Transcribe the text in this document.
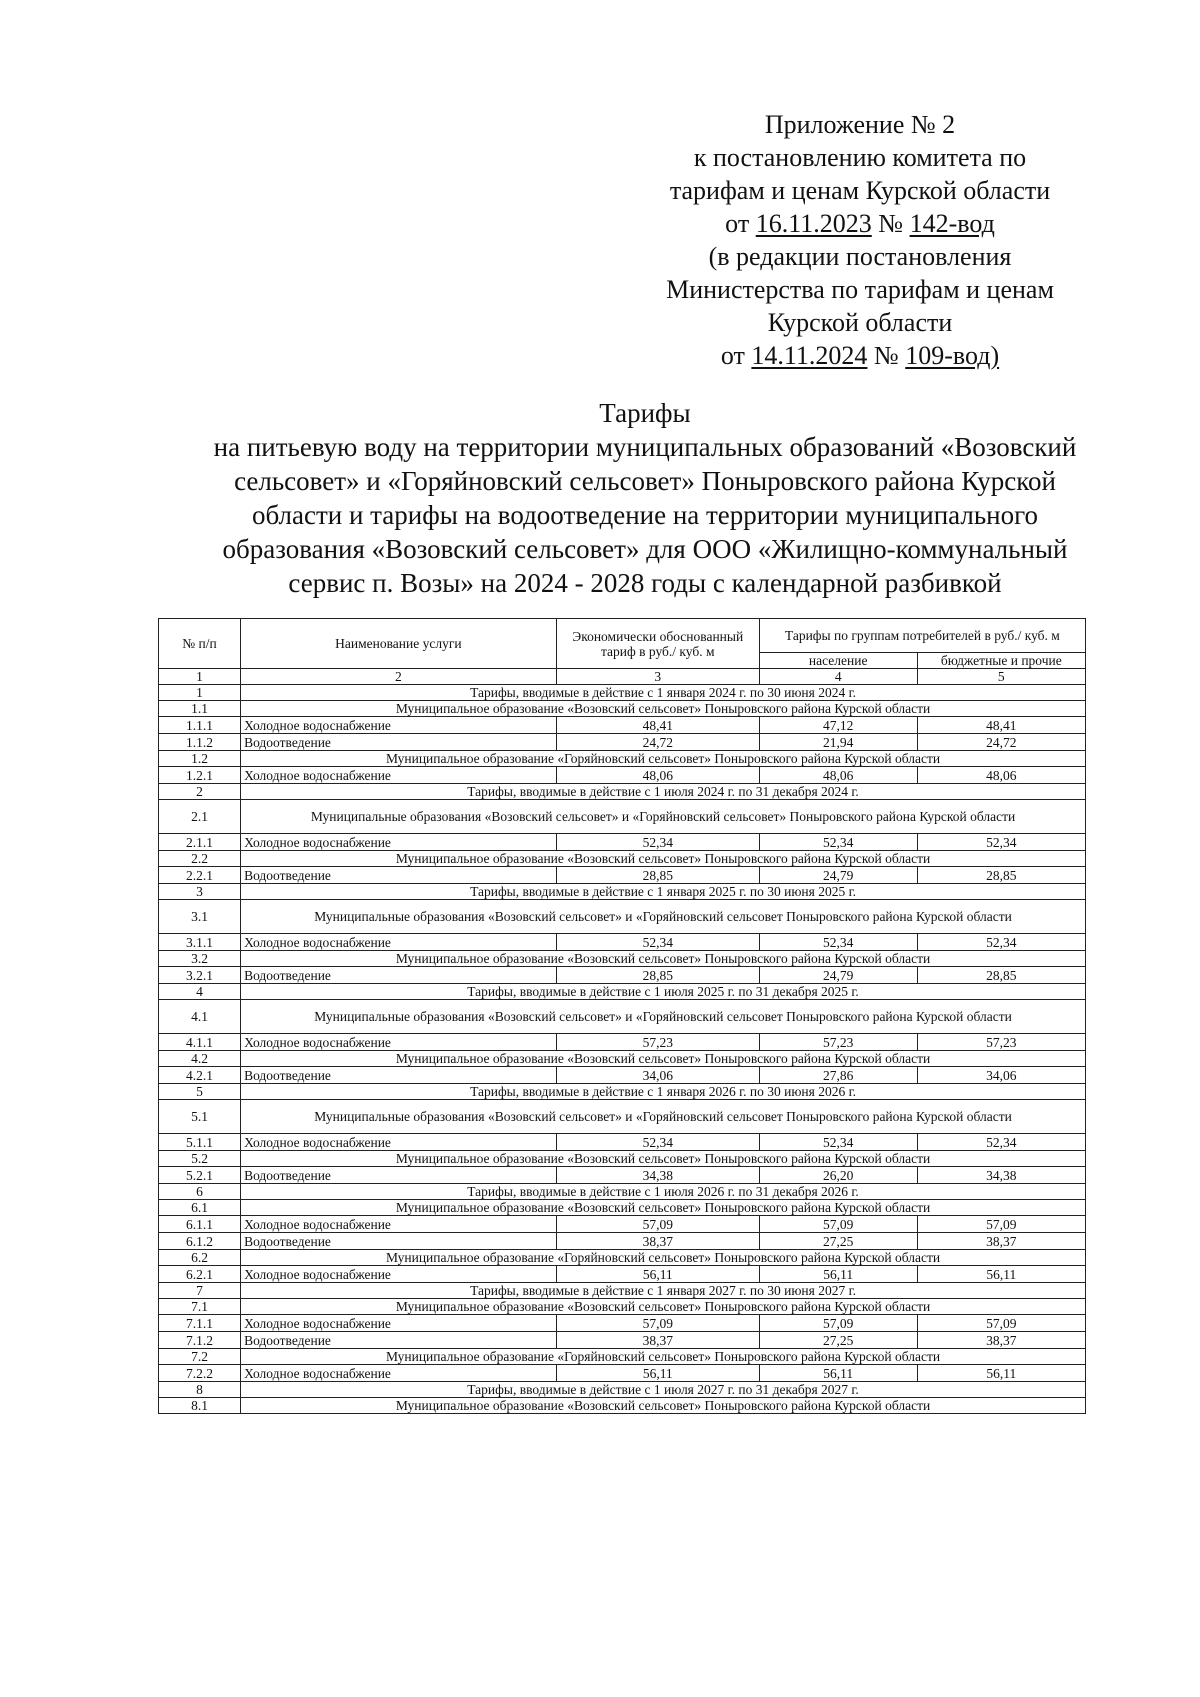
Приложение № 2
к постановлению комитета по
тарифам и ценам Курской области
от 16.11.2023 № 142-вод
(в редакции постановления
Министерства по тарифам и ценам
Курской области
от 14.11.2024 № 109-вод)
Тарифы
на питьевую воду на территории муниципальных образований «Возовский
сельсовет» и «Горяйновский сельсовет» Поныровского района Курской
области и тарифы на водоотведение на территории муниципального
образования «Возовский сельсовет» для ООО «Жилищно-коммунальный
сервис п. Возы» на 2024 - 2028 годы с календарной разбивкой
№ п/п	Наименование услуги	Экономически обоснованный тариф в руб./ куб. м	Тарифы по группам потребителей в руб./ куб. м	
			население	бюджетные и прочие
1	2	3	4	5
1	Тарифы, вводимые в действие с 1 января 2024 г. по 30 июня 2024 г.			
1.1	Муниципальное образование «Возовский сельсовет» Поныровского района Курской области			
1.1.1	Холодное водоснабжение	48,41	47,12	48,41
1.1.2	Водоотведение	24,72	21,94	24,72
1.2	Муниципальное образование «Горяйновский сельсовет» Поныровского района Курской области			
1.2.1	Холодное водоснабжение	48,06	48,06	48,06
2	Тарифы, вводимые в действие с 1 июля 2024 г. по 31 декабря 2024 г.			
2.1	Муниципальные образования «Возовский сельсовет» и «Горяйновский сельсовет» Поныровского района Курской области			
2.1.1	Холодное водоснабжение	52,34	52,34	52,34
2.2	Муниципальное образование «Возовский сельсовет» Поныровского района Курской области			
2.2.1	Водоотведение	28,85	24,79	28,85
3	Тарифы, вводимые в действие с 1 января 2025 г. по 30 июня 2025 г.			
3.1	Муниципальные образования «Возовский сельсовет» и «Горяйновский сельсовет Поныровского района Курской области			
3.1.1	Холодное водоснабжение	52,34	52,34	52,34
3.2	Муниципальное образование «Возовский сельсовет» Поныровского района Курской области			
3.2.1	Водоотведение	28,85	24,79	28,85
4	Тарифы, вводимые в действие с 1 июля 2025 г. по 31 декабря 2025 г.			
4.1	Муниципальные образования «Возовский сельсовет» и «Горяйновский сельсовет Поныровского района Курской области			
4.1.1	Холодное водоснабжение	57,23	57,23	57,23
4.2	Муниципальное образование «Возовский сельсовет» Поныровского района Курской области			
4.2.1	Водоотведение	34,06	27,86	34,06
5	Тарифы, вводимые в действие с 1 января 2026 г. по 30 июня 2026 г.			
5.1	Муниципальные образования «Возовский сельсовет» и «Горяйновский сельсовет Поныровского района Курской области			
5.1.1	Холодное водоснабжение	52,34	52,34	52,34
5.2	Муниципальное образование «Возовский сельсовет» Поныровского района Курской области			
5.2.1	Водоотведение	34,38	26,20	34,38
6	Тарифы, вводимые в действие с 1 июля 2026 г. по 31 декабря 2026 г.			
6.1	Муниципальное образование «Возовский сельсовет» Поныровского района Курской области			
6.1.1	Холодное водоснабжение	57,09	57,09	57,09
6.1.2	Водоотведение	38,37	27,25	38,37
6.2	Муниципальное образование «Горяйновский сельсовет» Поныровского района Курской области			
6.2.1	Холодное водоснабжение	56,11	56,11	56,11
7	Тарифы, вводимые в действие с 1 января 2027 г. по 30 июня 2027 г.			
7.1	Муниципальное образование «Возовский сельсовет» Поныровского района Курской области			
7.1.1	Холодное водоснабжение	57,09	57,09	57,09
7.1.2	Водоотведение	38,37	27,25	38,37
7.2	Муниципальное образование «Горяйновский сельсовет» Поныровского района Курской области			
7.2.2	Холодное водоснабжение	56,11	56,11	56,11
8	Тарифы, вводимые в действие с 1 июля 2027 г. по 31 декабря 2027 г.			
8.1	Муниципальное образование «Возовский сельсовет» Поныровского района Курской области			
